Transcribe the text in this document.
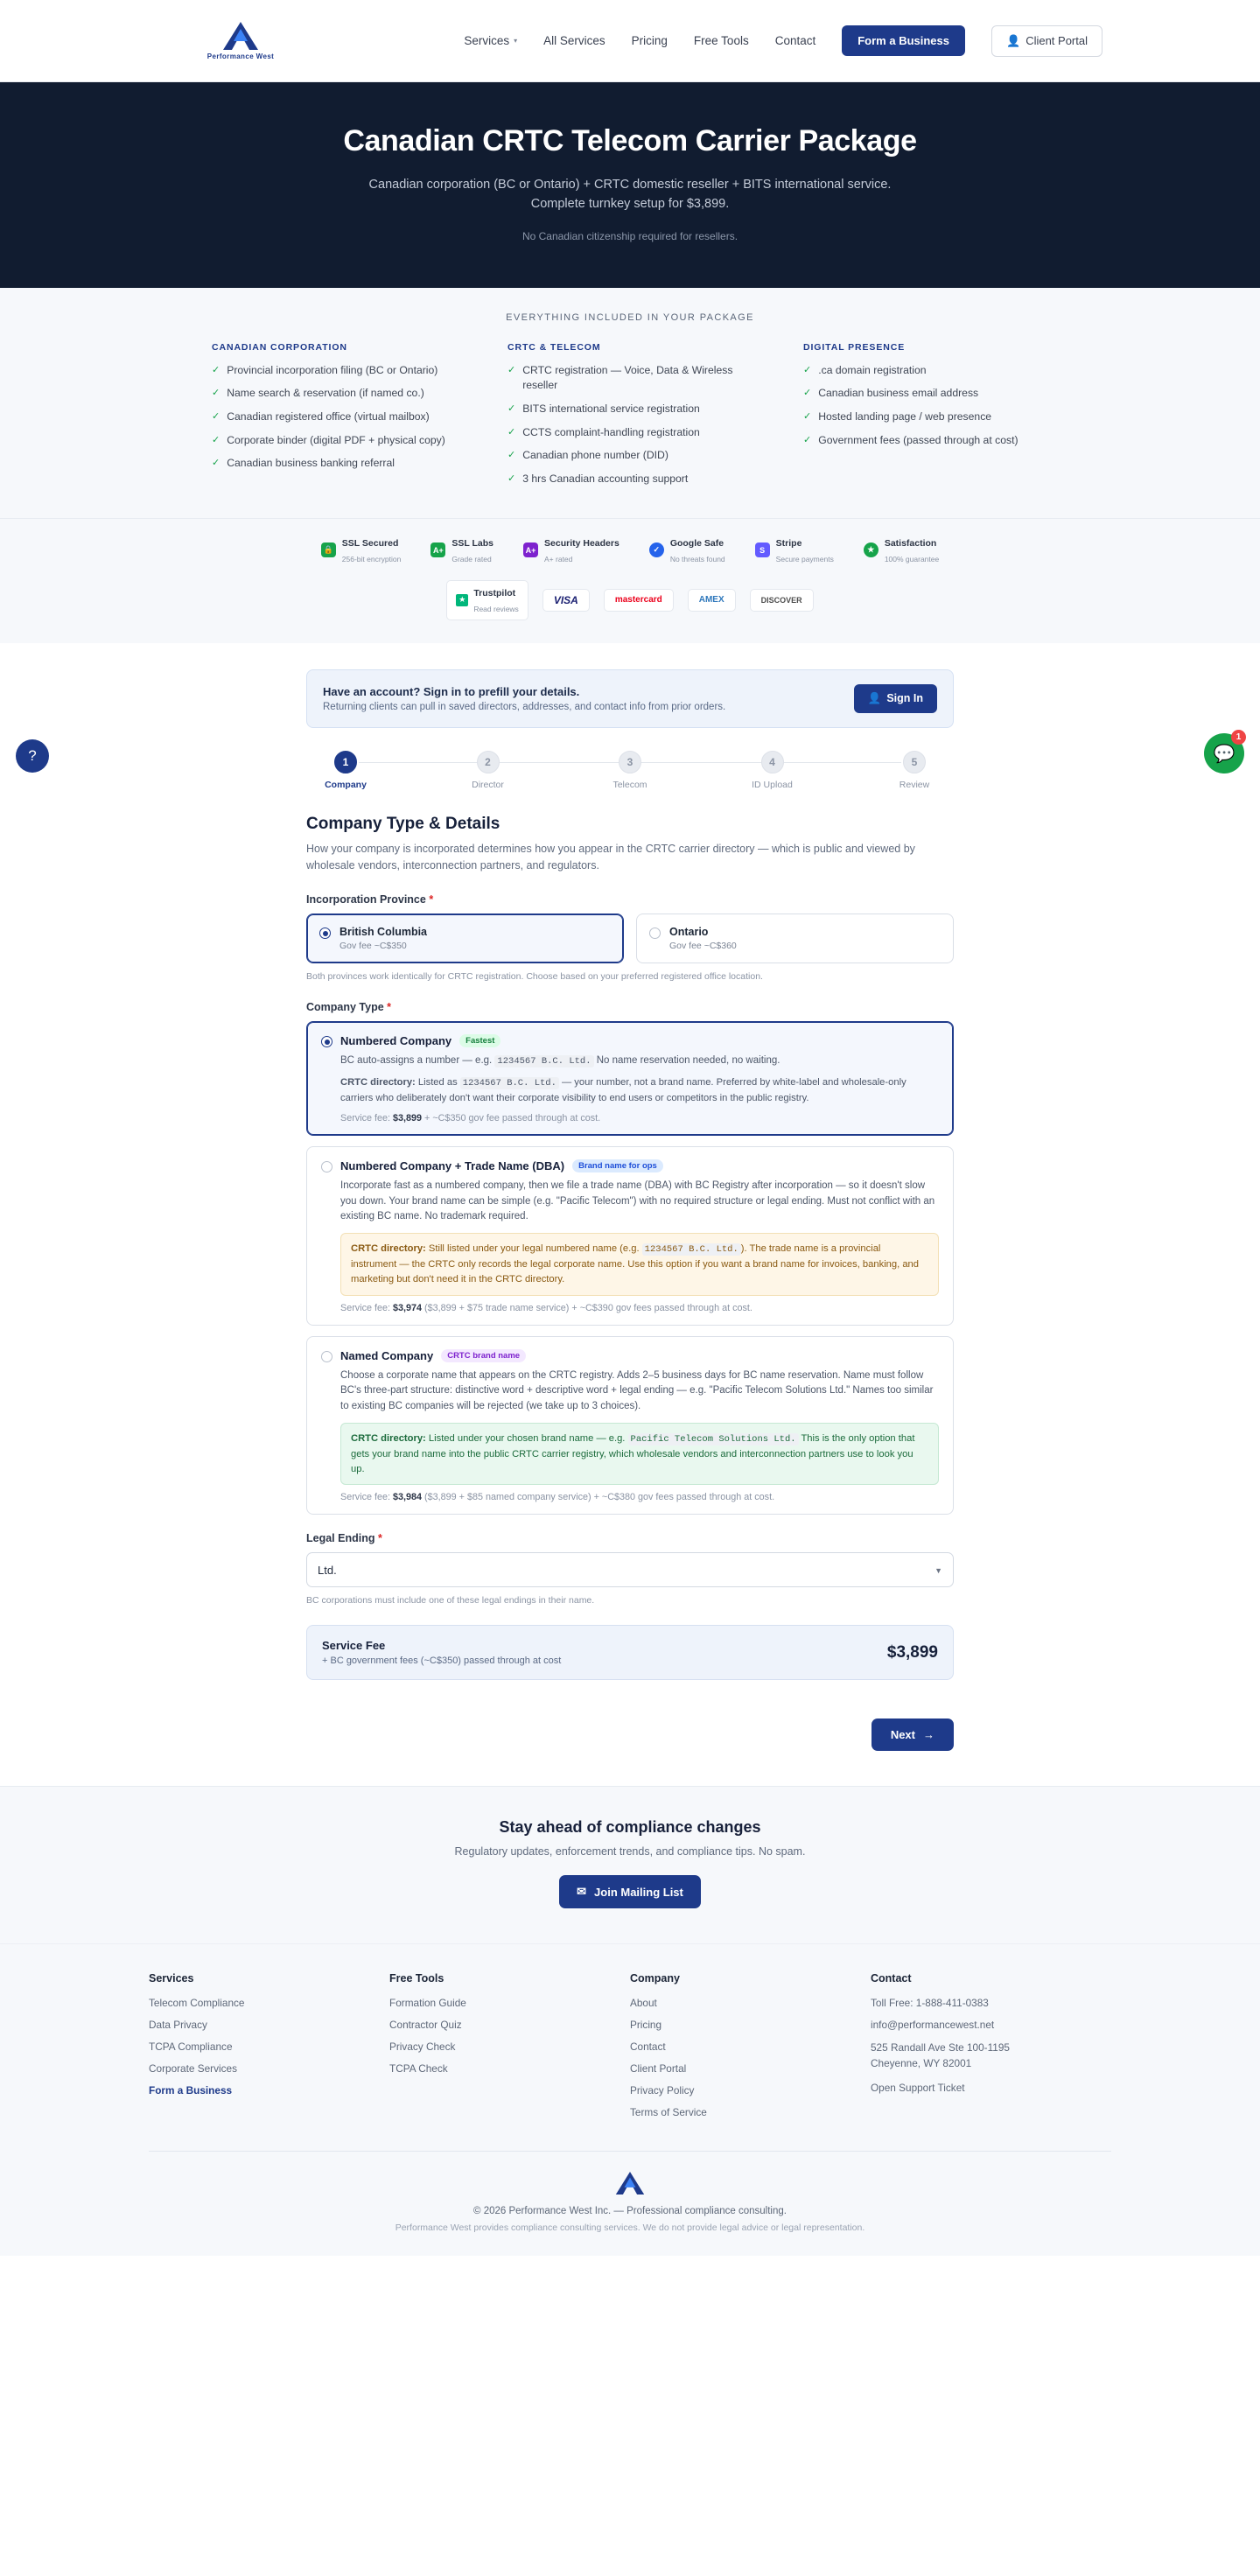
Performance West
Services ▾ All Services Pricing Free Tools Contact	Form a Business	👤 Client Portal
Canadian CRTC Telecom Carrier Package

Canadian corporation (BC or Ontario) + CRTC domestic reseller + BITS international service. Complete turnkey setup for $3,899.

No Canadian citizenship required for resellers.

EVERYTHING INCLUDED IN YOUR PACKAGE
CANADIAN CORPORATION
✓ Provincial incorporation filing (BC or Ontario)
✓ Name search & reservation (if named co.)
✓ Canadian registered office (virtual mailbox)
✓ Corporate binder (digital PDF + physical copy)
✓ Canadian business banking referral
CRTC & TELECOM
✓ CRTC registration — Voice, Data & Wireless reseller
✓ BITS international service registration
✓ CCTS complaint-handling registration
✓ Canadian phone number (DID)
✓ 3 hrs Canadian accounting support
DIGITAL PRESENCE
✓ .ca domain registration
✓ Canadian business email address
✓ Hosted landing page / web presence
✓ Government fees (passed through at cost)
🔒
SSL Secured
256-bit encryption
A+
SSL Labs
Grade rated
A+
Security Headers
A+ rated
✓
Google Safe
No threats found
S
Stripe
Secure payments
★
Satisfaction
100% guarantee
★
Trustpilot
Read reviews
VISA	mastercard	AMEX	DISCOVER
?	💬
1
Have an account? Sign in to prefill your details.
Returning clients can pull in saved directors, addresses, and contact info from prior orders.
👤 Sign In
1
Company
2
Director
3
Telecom
4
ID Upload
5
Review
Company Type & Details

How your company is incorporated determines how you appear in the CRTC carrier directory — which is public and viewed by wholesale vendors, interconnection partners, and regulators.

Incorporation Province *
British Columbia
Gov fee ~C$350
Ontario
Gov fee ~C$360
Both provinces work identically for CRTC registration. Choose based on your preferred registered office location.
Company Type *
Numbered Company	Fastest
BC auto-assigns a number — e.g. 1234567 B.C. Ltd. No name reservation needed, no waiting.
CRTC directory: Listed as 1234567 B.C. Ltd. — your number, not a brand name. Preferred by white-label and wholesale-only carriers who deliberately don't want their corporate visibility to end users or competitors in the public registry.
Service fee: $3,899 + ~C$350 gov fee passed through at cost.
Numbered Company + Trade Name (DBA)	Brand name for ops
Incorporate fast as a numbered company, then we file a trade name (DBA) with BC Registry after incorporation — so it doesn't slow you down. Your brand name can be simple (e.g. "Pacific Telecom") with no required structure or legal ending. Must not conflict with an existing BC name. No trademark required.
CRTC directory: Still listed under your legal numbered name (e.g. 1234567 B.C. Ltd. ). The trade name is a provincial instrument — the CRTC only records the legal corporate name. Use this option if you want a brand name for invoices, banking, and marketing but don't need it in the CRTC directory.
Service fee: $3,974 ($3,899 + $75 trade name service) + ~C$390 gov fees passed through at cost.
Named Company	CRTC brand name
Choose a corporate name that appears on the CRTC registry. Adds 2–5 business days for BC name reservation. Name must follow BC's three-part structure: distinctive word + descriptive word + legal ending — e.g. "Pacific Telecom Solutions Ltd." Names too similar to existing BC companies will be rejected (we take up to 3 choices).
CRTC directory: Listed under your chosen brand name — e.g. Pacific Telecom Solutions Ltd. This is the only option that gets your brand name into the public CRTC carrier registry, which wholesale vendors and interconnection partners use to look you up.
Service fee: $3,984 ($3,899 + $85 named company service) + ~C$380 gov fees passed through at cost.
Legal Ending *
Ltd.
▼
BC corporations must include one of these legal endings in their name.
Service Fee
+ BC government fees (~C$350) passed through at cost	$3,899
Next →
Stay ahead of compliance changes

Regulatory updates, enforcement trends, and compliance tips. No spam.

✉ Join Mailing List
Services
Telecom Compliance
Data Privacy
TCPA Compliance
Corporate Services
Form a Business
Free Tools
Formation Guide
Contractor Quiz
Privacy Check
TCPA Check
Company
About
Pricing
Contact
Client Portal
Privacy Policy
Terms of Service
Contact
Toll Free: 1-888-411-0383
info@performancewest.net
525 Randall Ave Ste 100-1195
Cheyenne, WY 82001
Open Support Ticket
© 2026 Performance West Inc. — Professional compliance consulting.
Performance West provides compliance consulting services. We do not provide legal advice or legal representation.
